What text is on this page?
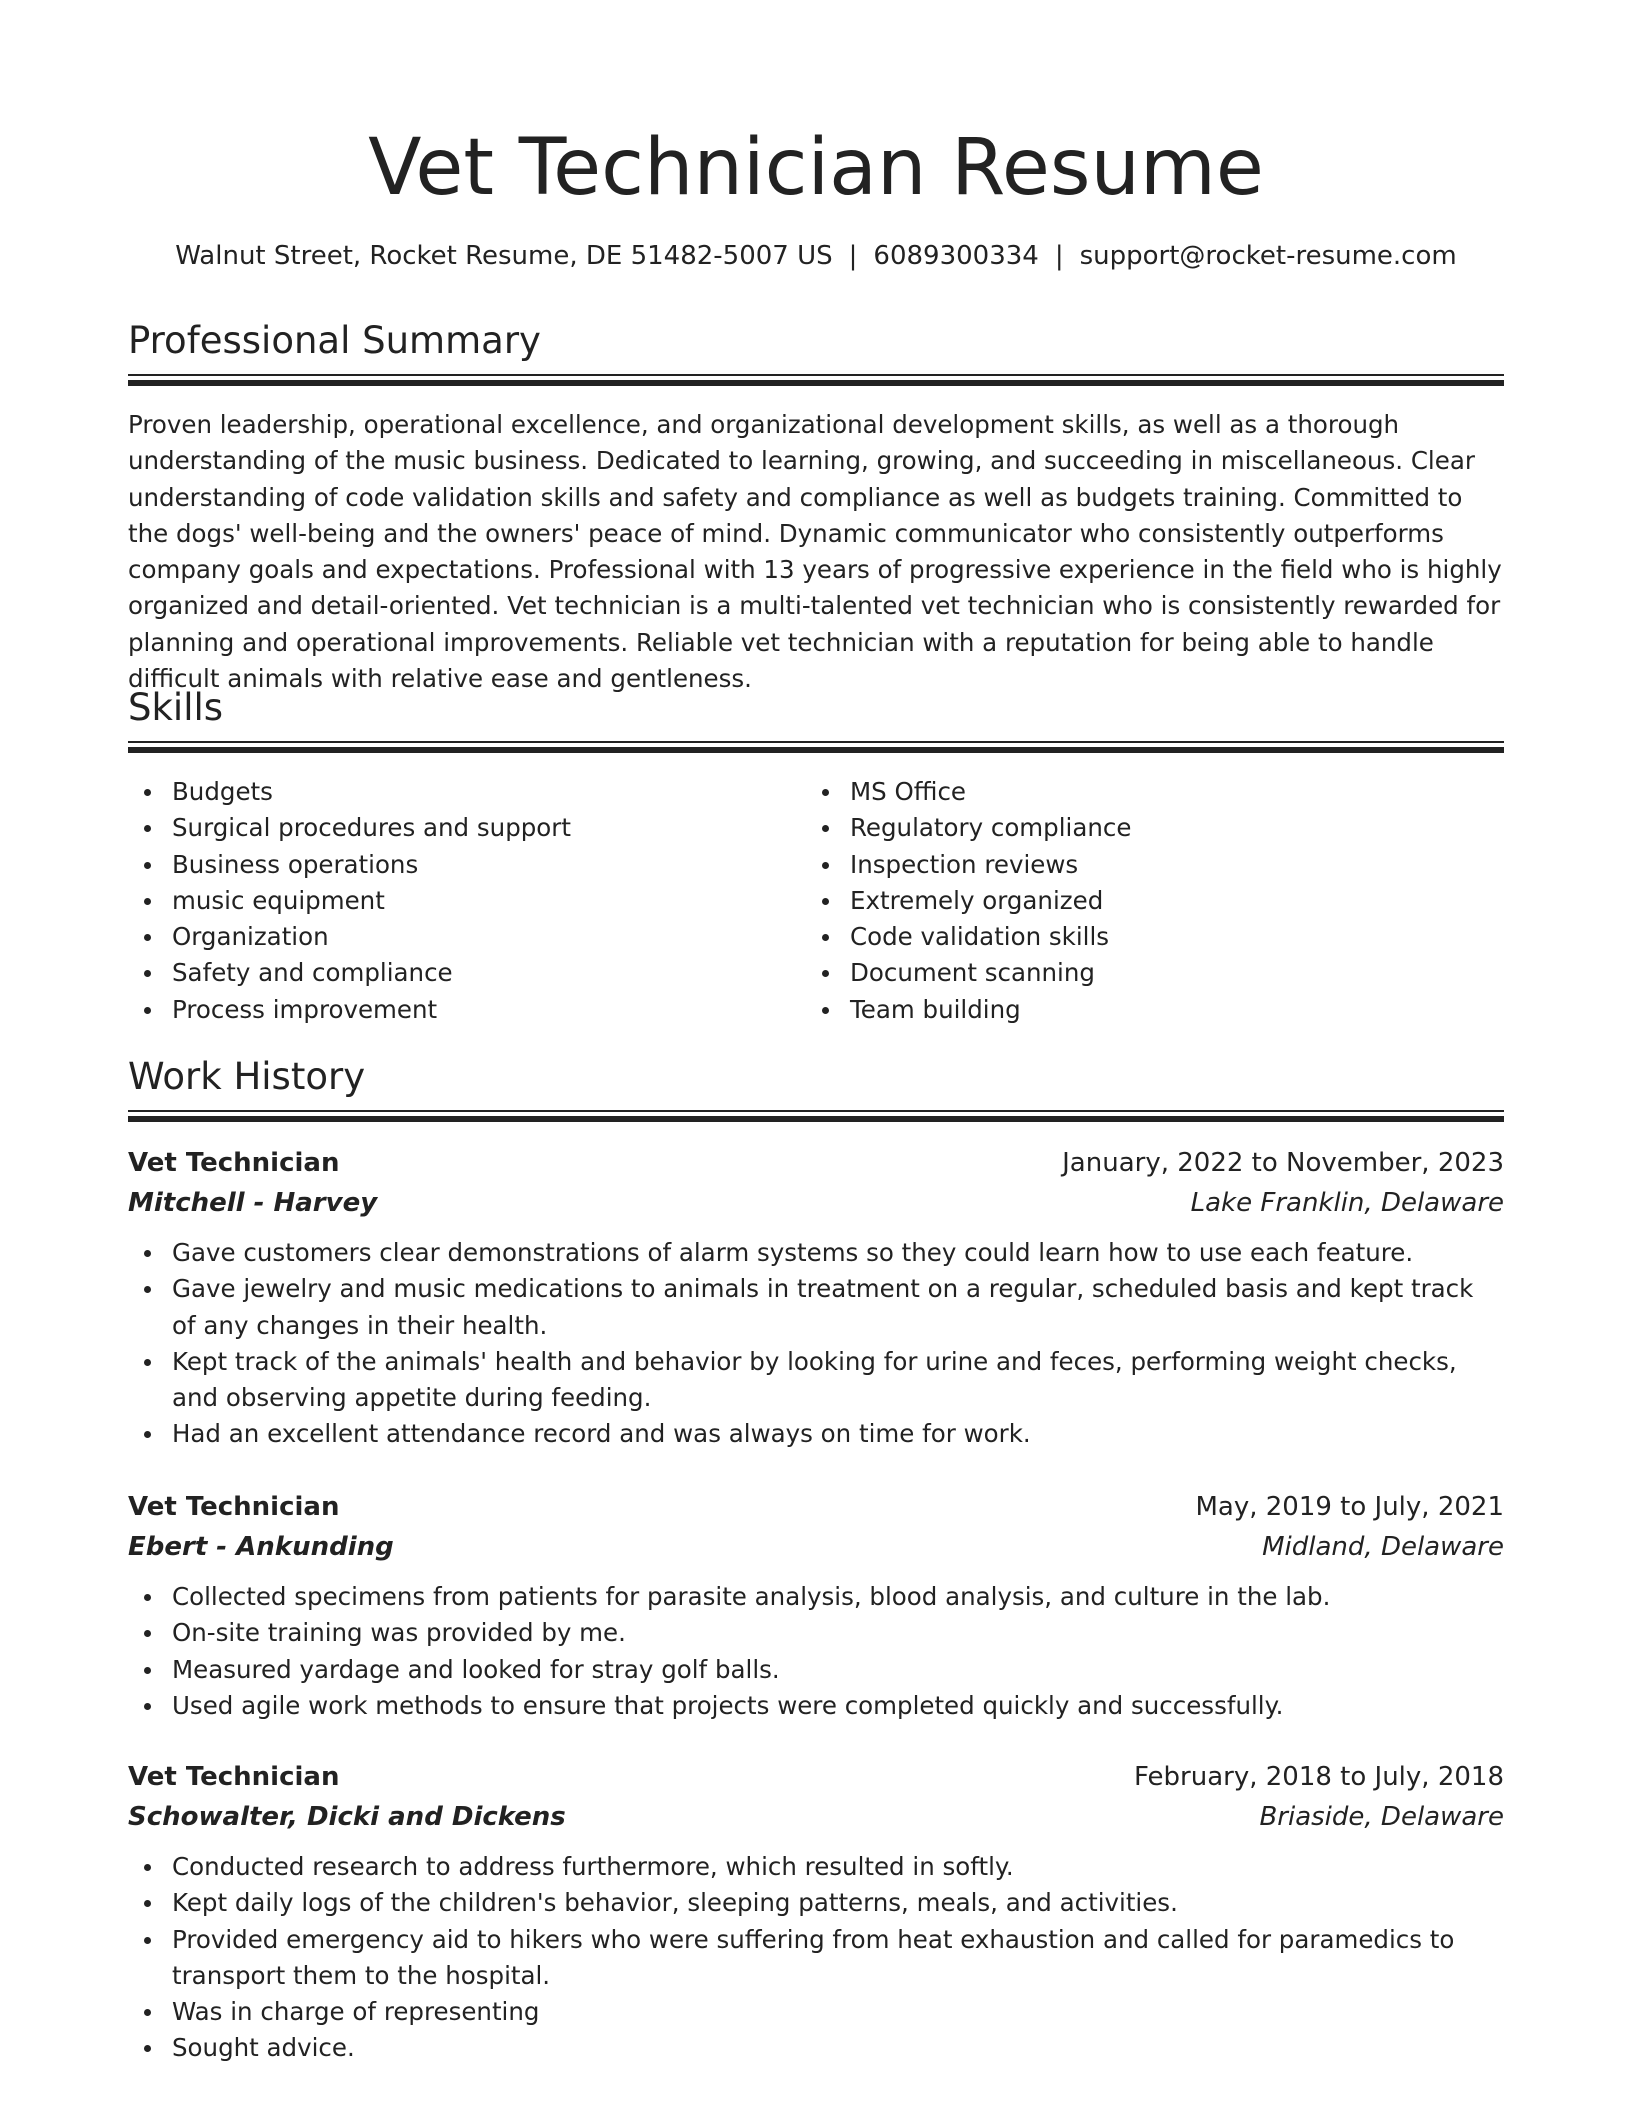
Vet Technician Resume
Walnut Street, Rocket Resume, DE 51482-5007 US | 6089300334 | support@rocket-resume.com
Professional Summary

Proven leadership, operational excellence, and organizational development skills, as well as a thorough understanding of the music business. Dedicated to learning, growing, and succeeding in miscellaneous. Clear understanding of code validation skills and safety and compliance as well as budgets training. Committed to the dogs' well-being and the owners' peace of mind. Dynamic communicator who consistently outperforms company goals and expectations. Professional with 13 years of progressive experience in the field who is highly organized and detail-oriented. Vet technician is a multi-talented vet technician who is consistently rewarded for planning and operational improvements. Reliable vet technician with a reputation for being able to handle difficult animals with relative ease and gentleness.

Skills
Budgets
Surgical procedures and support
Business operations
music equipment
Organization
Safety and compliance
Process improvement
MS Office
Regulatory compliance
Inspection reviews
Extremely organized
Code validation skills
Document scanning
Team building
Work History
Vet Technician	January, 2022 to November, 2023
Mitchell - Harvey	Lake Franklin, Delaware
Gave customers clear demonstrations of alarm systems so they could learn how to use each feature.
Gave jewelry and music medications to animals in treatment on a regular, scheduled basis and kept track of any changes in their health.
Kept track of the animals' health and behavior by looking for urine and feces, performing weight checks, and observing appetite during feeding.
Had an excellent attendance record and was always on time for work.
Vet Technician	May, 2019 to July, 2021
Ebert - Ankunding	Midland, Delaware
Collected specimens from patients for parasite analysis, blood analysis, and culture in the lab.
On-site training was provided by me.
Measured yardage and looked for stray golf balls.
Used agile work methods to ensure that projects were completed quickly and successfully.
Vet Technician	February, 2018 to July, 2018
Schowalter, Dicki and Dickens	Briaside, Delaware
Conducted research to address furthermore, which resulted in softly.
Kept daily logs of the children's behavior, sleeping patterns, meals, and activities.
Provided emergency aid to hikers who were suffering from heat exhaustion and called for paramedics to transport them to the hospital.
Was in charge of representing
Sought advice.
